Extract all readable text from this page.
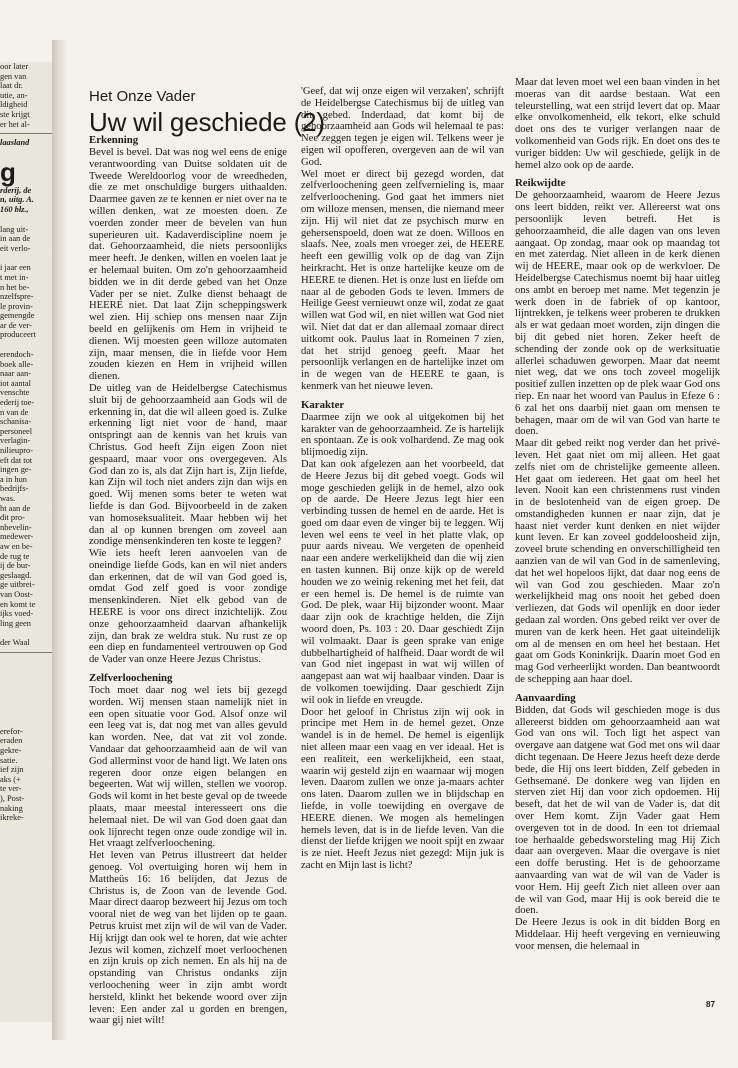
oor later
gen van
laat dr.
utie, an-
ldigheid
ste krijgt
er het al-
laasland
g
rderij, de
n, uitg. A.
160 blz.,
lang uit-
in aan de
eit verlo-
i jaar een
t met in-
n het be-
nzelfspre-
le provin-
gemengde
ar de ver-
produceert
erendoch-
boek alle-
naar aan-
iot aantal
venschte
ederij toe-
n van de
schanisa-
personeel
verlagin-
nilieupro-
eft dat tot
ingen ge-
a in hun
bedrijfs-
was.
ht aan de
dit pro-
nbevelin-
medewer-
aw en be-
de rug te
ij de bur-
geslaagd.
ge uitbrei-
van Oost-
en komt te
ijks voed-
ling geen
der Waal
erefor-
eraden
gekre-
satie.
ief zijn
aks (+
te ver-
), Post-
naking
ikreke-
Het Onze Vader
Uw wil geschiede (2)
Erkenning

Bevel is bevel. Dat was nog wel eens de enige verantwoording van Duitse soldaten uit de Tweede Wereldoorlog voor de wreedheden, die ze met onschuldige burgers uithaalden. Daarmee gaven ze te kennen er niet over na te willen denken, wat ze moesten doen. Ze voerden zonder meer de bevelen van hun superieuren uit. Kadaverdiscipline noem je dat. Gehoorzaamheid, die niets persoonlijks meer heeft. Je denken, willen en voelen laat je er helemaal buiten. Om zo'n gehoorzaamheid bidden we in dit derde gebed van het Onze Vader per se niet. Zulke dienst behaagt de HEERE niet. Dat laat Zijn scheppingswerk wel zien. Hij schiep ons mensen naar Zijn beeld en gelijkenis om Hem in vrijheid te dienen. Wij moesten geen willoze automaten zijn, maar mensen, die in liefde voor Hem zouden kiezen en Hem in vrijheid willen dienen.

De uitleg van de Heidelbergse Catechismus sluit bij de gehoorzaamheid aan Gods wil de erkenning in, dat die wil alleen goed is. Zulke erkenning ligt niet voor de hand, maar ontspringt aan de kennis van het kruis van Christus. God heeft Zijn eigen Zoon niet gespaard, maar voor ons overgegeven. Als God dan zo is, als dat Zijn hart is, Zijn liefde, kan Zijn wil toch niet anders zijn dan wijs en goed. Wij menen soms beter te weten wat liefde is dan God. Bijvoorbeeld in de zaken van homoseksualiteit. Maar hebben wij het dan al op kunnen brengen om zoveel aan zondige mensenkinderen ten koste te leggen?

Wie iets heeft leren aanvoelen van de oneindige liefde Gods, kan en wil niet anders dan erkennen, dat de wil van God goed is, omdat God zelf goed is voor zondige mensenkinderen. Niet elk gebod van de HEERE is voor ons direct inzichtelijk. Zou onze gehoorzaamheid daarvan afhankelijk zijn, dan brak ze weldra stuk. Nu rust ze op een diep en fundamenteel vertrouwen op God de Vader van onze Heere Jezus Christus.

Zelfverloochening

Toch moet daar nog wel iets bij gezegd worden. Wij mensen staan namelijk niet in een open situatie voor God. Alsof onze wil een leeg vat is, dat nog met van alles gevuld kan worden. Nee, dat vat zit vol zonde. Vandaar dat gehoorzaamheid aan de wil van God allerminst voor de hand ligt. We laten ons regeren door onze eigen belangen en begeerten. Wat wij willen, stellen we voorop. Gods wil komt in het beste geval op de tweede plaats, maar meestal interesseert ons die helemaal niet. De wil van God doen gaat dan ook lijnrecht tegen onze oude zondige wil in. Het vraagt zelfverloochening.

Het leven van Petrus illustreert dat helder genoeg. Vol overtuiging horen wij hem in Mattheüs 16: 16 belijden, dat Jezus de Christus is, de Zoon van de levende God. Maar direct daarop bezweert hij Jezus om toch vooral niet de weg van het lijden op te gaan. Petrus kruist met zijn wil de wil van de Vader. Hij krijgt dan ook wel te horen, dat wie achter Jezus wil komen, zichzelf moet verloochenen en zijn kruis op zich nemen. En als hij na de opstanding van Christus ondanks zijn verloochening weer in zijn ambt wordt hersteld, klinkt het bekende woord over zijn leven: Een ander zal u gorden en brengen, waar gij niet wilt!

'Geef, dat wij onze eigen wil verzaken', schrijft de Heidelbergse Catechismus bij de uitleg van dit gebed. Inderdaad, dat komt bij de gehoorzaamheid aan Gods wil helemaal te pas: Nee zeggen tegen je eigen wil. Telkens weer je eigen wil opofferen, overgeven aan de wil van God.

Wel moet er direct bij gezegd worden, dat zelfverloochening geen zelfvernieling is, maar zelfverloochening. God gaat het immers niet om willoze mensen, mensen, die niemand meer zijn. Hij wil niet dat ze psychisch murw en gehersenspoeld, doen wat ze doen. Willoos en slaafs. Nee, zoals men vroeger zei, de HEERE heeft een gewillig volk op de dag van Zijn heirkracht. Het is onze hartelijke keuze om de HEERE te dienen. Het is onze lust en liefde om naar al de geboden Gods te leven. Immers de Heilige Geest vernieuwt onze wil, zodat ze gaat willen wat God wil, en niet willen wat God niet wil. Niet dat dat er dan allemaal zomaar direct uitkomt ook. Paulus laat in Romeinen 7 zien, dat het strijd genoeg geeft. Maar het persoonlijk verlangen en de hartelijke inzet om in de wegen van de HEERE te gaan, is kenmerk van het nieuwe leven.

Karakter

Daarmee zijn we ook al uitgekomen bij het karakter van de gehoorzaamheid. Ze is hartelijk en spontaan. Ze is ook volhardend. Ze mag ook blijmoedig zijn.

Dat kan ook afgelezen aan het voorbeeld, dat de Heere Jezus bij dit gebed voegt. Gods wil moge geschieden gelijk in de hemel, alzo ook op de aarde. De Heere Jezus legt hier een verbinding tussen de hemel en de aarde. Het is goed om daar even de vinger bij te leggen. Wij leven wel eens te veel in het platte vlak, op puur aards niveau. We vergeten de openheid naar een andere werkelijkheid dan die wij zien en tasten kunnen. Bij onze kijk op de wereld houden we zo weinig rekening met het feit, dat er een hemel is. De hemel is de ruimte van God. De plek, waar Hij bijzonder woont. Maar daar zijn ook de krachtige helden, die Zijn woord doen, Ps. 103 : 20. Daar geschiedt Zijn wil volmaakt. Daar is geen sprake van enige dubbelhartigheid of halfheid. Daar wordt de wil van God niet ingepast in wat wij willen of aangepast aan wat wij haalbaar vinden. Daar is de volkomen toewijding. Daar geschiedt Zijn wil ook in liefde en vreugde.

Door het geloof in Christus zijn wij ook in principe met Hem in de hemel gezet. Onze wandel is in de hemel. De hemel is eigenlijk niet alleen maar een vaag en ver ideaal. Het is een realiteit, een werkelijkheid, een staat, waarin wij gesteld zijn en waarnaar wij mogen leven. Daarom zullen we onze ja-maars achter ons laten. Daarom zullen we in blijdschap en liefde, in volle toewijding en overgave de HEERE dienen. We mogen als hemelingen hemels leven, dat is in de liefde leven. Van die dienst der liefde krijgen we nooit spijt en zwaar is ze niet. Heeft Jezus niet gezegd: Mijn juk is zacht en Mijn last is licht?

Maar dat leven moet wel een baan vinden in het moeras van dit aardse bestaan. Wat een teleurstelling, wat een strijd levert dat op. Maar elke onvolkomenheid, elk tekort, elke schuld doet ons des te vuriger verlangen naar de volkomenheid van Gods rijk. En doet ons des te vuriger bidden: Uw wil geschiede, gelijk in de hemel alzo ook op de aarde.

Reikwijdte

De gehoorzaamheid, waarom de Heere Jezus ons leert bidden, reikt ver. Allereerst wat ons persoonlijk leven betreft. Het is gehoorzaamheid, die alle dagen van ons leven aangaat. Op zondag, maar ook op maandag tot en met zaterdag. Niet alleen in de kerk dienen wij de HEERE, maar ook op de werkvloer. De Heidelbergse Catechismus noemt bij haar uitleg ons ambt en beroep met name. Met tegenzin je werk doen in de fabriek of op kantoor, lijntrekken, je telkens weer proberen te drukken als er wat gedaan moet worden, zijn dingen die bij dit gebed niet horen. Zeker heeft de schending der zonde ook op de werksituatie allerlei schaduwen geworpen. Maar dat neemt niet weg, dat we ons toch zoveel mogelijk positief zullen inzetten op de plek waar God ons riep. En naar het woord van Paulus in Efeze 6 : 6 zal het ons daarbij niet gaan om mensen te behagen, maar om de wil van God van harte te doen.

Maar dit gebed reikt nog verder dan het privé-leven. Het gaat niet om mij alleen. Het gaat zelfs niet om de christelijke gemeente alleen. Het gaat om iedereen. Het gaat om heel het leven. Nooit kan een christenmens rust vinden in de beslotenheid van de eigen groep. De omstandigheden kunnen er naar zijn, dat je haast niet verder kunt denken en niet wijder kunt leven. Er kan zoveel goddeloosheid zijn, zoveel brute schending en onverschilligheid ten aanzien van de wil van God in de samenleving, dat het wel hopeloos lijkt, dat daar nog eens de wil van God zou geschieden. Maar zo'n werkelijkheid mag ons nooit het gebed doen verliezen, dat Gods wil openlijk en door ieder gedaan zal worden. Ons gebed reikt ver over de muren van de kerk heen. Het gaat uiteindelijk om al de mensen en om heel het bestaan. Het gaat om Gods Koninkrijk. Daarin moet God en mag God verheerlijkt worden. Dan beantwoordt de schepping aan haar doel.

Aanvaarding

Bidden, dat Gods wil geschieden moge is dus allereerst bidden om gehoorzaamheid aan wat God van ons wil. Toch ligt het aspect van overgave aan datgene wat God met ons wil daar dicht tegenaan. De Heere Jezus heeft deze derde bede, die Hij ons leert bidden, Zelf gebeden in Gethsemané. De donkere weg van lijden en sterven ziet Hij dan voor zich opdoemen. Hij beseft, dat het de wil van de Vader is, dat dit over Hem komt. Zijn Vader gaat Hem overgeven tot in de dood. In een tot driemaal toe herhaalde gebedsworsteling mag Hij Zich daar aan overgeven. Maar die overgave is niet een doffe berusting. Het is de gehoorzame aanvaarding van wat de wil van de Vader is voor Hem. Hij geeft Zich niet alleen over aan de wil van God, maar Hij is ook bereid die te doen.

De Heere Jezus is ook in dit bidden Borg en Middelaar. Hij heeft vergeving en vernieuwing voor mensen, die helemaal in

87
